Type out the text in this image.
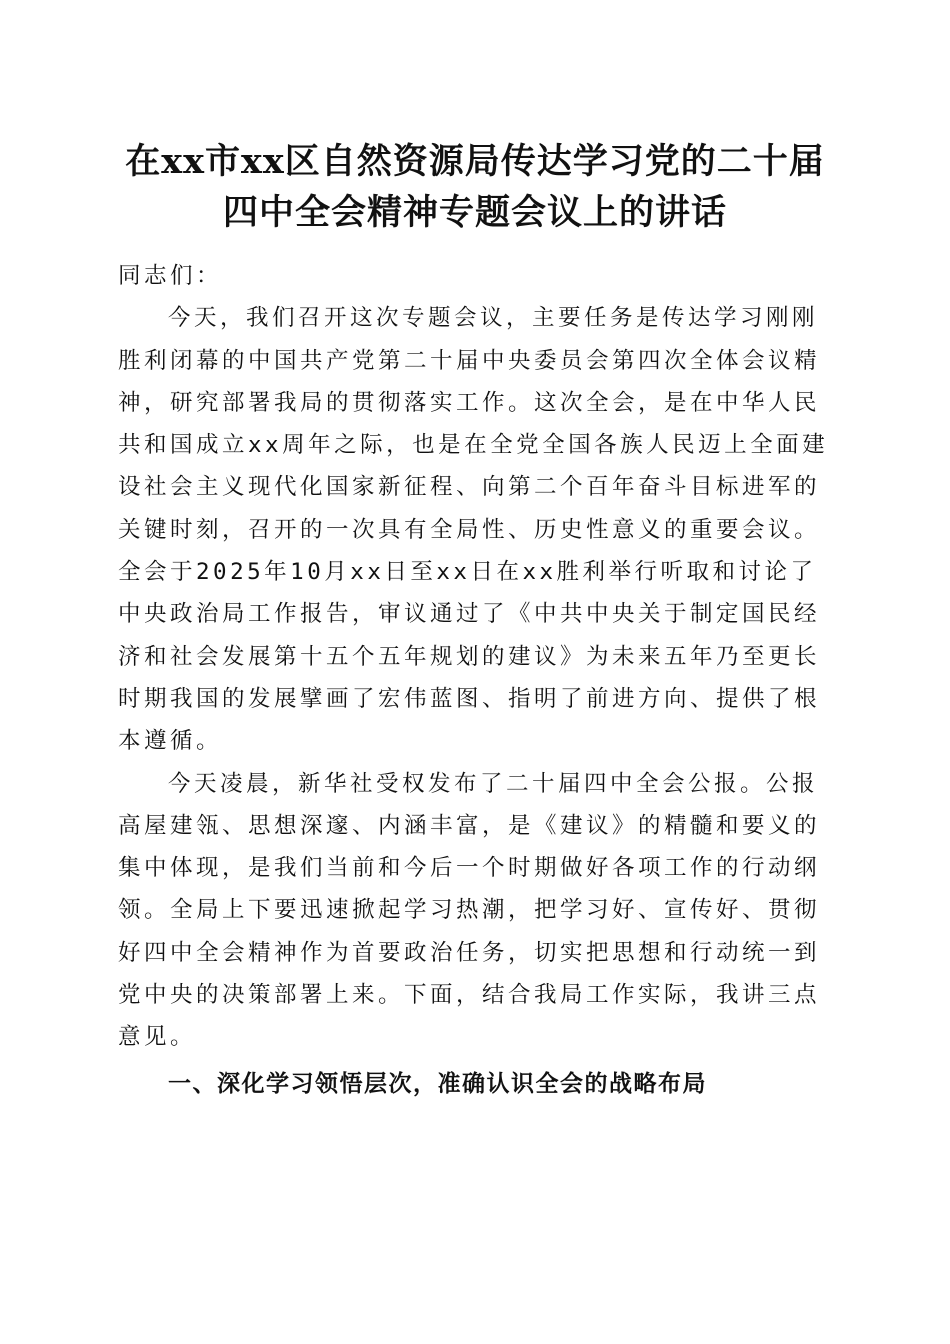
在xx市xx区自然资源局传达学习党的二十届
四中全会精神专题会议上的讲话
同志们：
今天，我们召开这次专题会议，主要任务是传达学习刚刚
胜利闭幕的中国共产党第二十届中央委员会第四次全体会议精
神，研究部署我局的贯彻落实工作。这次全会，是在中华人民
共和国成立xx周年之际，也是在全党全国各族人民迈上全面建
设社会主义现代化国家新征程、向第二个百年奋斗目标进军的
关键时刻，召开的一次具有全局性、历史性意义的重要会议。
全会于2025年10月xx日至xx日在xx胜利举行听取和讨论了
中央政治局工作报告，审议通过了《中共中央关于制定国民经
济和社会发展第十五个五年规划的建议》为未来五年乃至更长
时期我国的发展擘画了宏伟蓝图、指明了前进方向、提供了根
本遵循。
今天凌晨，新华社受权发布了二十届四中全会公报。公报
高屋建瓴、思想深邃、内涵丰富，是《建议》的精髓和要义的
集中体现，是我们当前和今后一个时期做好各项工作的行动纲
领。全局上下要迅速掀起学习热潮，把学习好、宣传好、贯彻
好四中全会精神作为首要政治任务，切实把思想和行动统一到
党中央的决策部署上来。下面，结合我局工作实际，我讲三点
意见。
一、深化学习领悟层次，准确认识全会的战略布局
